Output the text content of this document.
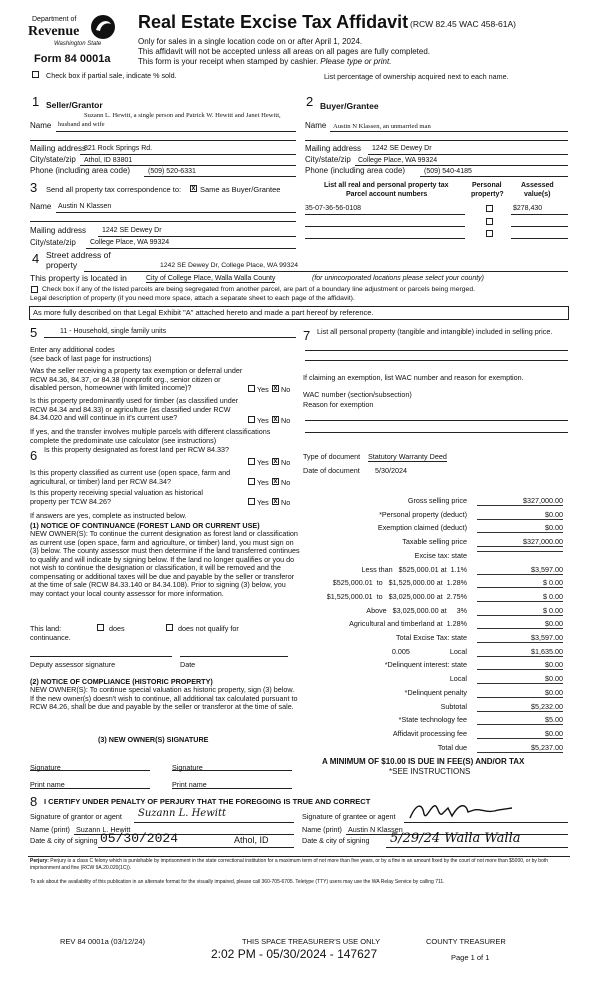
Department of
Revenue
Washington State
Form 84 0001a
Real Estate Excise Tax Affidavit (RCW 82.45 WAC 458-61A)
Only for sales in a single location code on or after April 1, 2024.
This affidavit will not be accepted unless all areas on all pages are fully completed.
This form is your receipt when stamped by cashier. Please type or print.
Check box if partial sale, indicate % sold.	List percentage of ownership acquired next to each name.
1 Seller/Grantor
Suzann L. Hewitt, a single person and Patrick W. Hewitt and Janet Hewitt,
Name husband and wife
Mailing address
821 Rock Springs Rd.
City/state/zip Athol, ID 83801
Phone (including area code)	(509) 520-6331
2 Buyer/Grantee
Name Austin N Klassen, an unmarried man
Mailing address 1242 SE Dewey Dr
City/state/zip College Place, WA 99324
Phone (including area code)	(509) 540-4185
3 Send all property tax correspondence to: x Same as Buyer/Grantee
Name Austin N Klassen
Mailing address 1242 SE Dewey Dr
City/state/zip College Place, WA 99324
List all real and personal property tax
Parcel account numbers
Personal
property?
Assessed
value(s)
35-07-36-56-0108	$278,430
4 Street address of
property	1242 SE Dewey Dr, College Place, WA 99324
This property is located in	City of College Place, Walla Walla County	(for unincorporated locations please select your county)
Check box if any of the listed parcels are being segregated from another parcel, are part of a boundary line adjustment or parcels being merged.
Legal description of property (if you need more space, attach a separate sheet to each page of the affidavit).
As more fully described on that Legal Exhibit "A" attached hereto and made a part hereof by reference.
5	11 - Household, single family units
Enter any additional codes
(see back of last page for instructions)
Was the seller receiving a property tax exemption or deferral under RCW 84.36, 84.37, or 84.38 (nonprofit org., senior citizen or disabled person, homeowner with limited income)?	Yes x No
Is this property predominantly used for timber (as classified under RCW 84.34 and 84.33) or agriculture (as classified under RCW 84.34.020 and will continue in it's current use?	Yes x No
If yes, and the transfer involves multiple parcels with different classifications complete the predominate use calculator (see instructions)
6 Is this property designated as forest land per RCW 84.33?
Yes x No
Is this property classified as current use (open space, farm and agricultural, or timber) land per RCW 84.34?	Yes x No
Is this property receiving special valuation as historical property per TCW 84.26?	Yes x No
If answers are yes, complete as instructed below.
(1) NOTICE OF CONTINUANCE (FOREST LAND OR CURRENT USE)
NEW OWNER(S): To continue the current designation as forest land or classification as current use (open space, farm and agriculture, or timber) land, you must sign on (3) below. The county assessor must then determine if the land transferred continues to qualify and will indicate by signing below. If the land no longer qualifies or you do not wish to continue the designation or classification, it will be removed and the compensating or additional taxes will be due and payable by the seller or transferor at the time of sale (RCW 84.33.140 or 84.34.108). Prior to signing (3) below, you may contact your local county assessor for more information.
This land:	does	does not qualify for
continuance.
Deputy assessor signature	Date
(2) NOTICE OF COMPLIANCE (HISTORIC PROPERTY)
NEW OWNER(S): To continue special valuation as historic property, sign (3) below. If the new owner(s) doesn't wish to continue, all additional tax calculated pursuant to RCW 84.26, shall be due and payable by the seller or transferor at the time of sale.
(3) NEW OWNER(S) SIGNATURE
Signature	Signature
Print name	Print name
7 List all personal property (tangible and intangible) included in selling price.
If claiming an exemption, list WAC number and reason for exemption.
WAC number (section/subsection)
Reason for exemption
Type of document Statutory Warranty Deed
Date of document 5/30/2024
Gross selling price	$327,000.00
*Personal property (deduct)	$0.00
Exemption claimed (deduct)	$0.00
Taxable selling price	$327,000.00
Excise tax: state
Less than   $525,000.01 at  1.1%	$3,597.00
$525,000.01  to   $1,525,000.00 at  1.28%	$ 0.00
$1,525,000.01  to   $3,025,000.00 at  2.75%	$ 0.00
Above   $3,025,000.00 at     3%	$ 0.00
Agricultural and timberland at  1.28%	$0.00
Total Excise Tax: state	$3,597.00
0.005                    Local	$1,635.00
*Delinquent interest: state	$0.00
Local	$0.00
*Delinquent penalty	$0.00
Subtotal	$5,232.00
*State technology fee	$5.00
Affidavit processing fee	$0.00
Total due	$5,237.00
A MINIMUM OF $10.00 IS DUE IN FEE(S) AND/OR TAX
*SEE INSTRUCTIONS
8 I CERTIFY UNDER PENALTY OF PERJURY THAT THE FOREGOING IS TRUE AND CORRECT
Signature of grantor or agent Suzann L. Hewitt
Name (print) Suzann L. Hewitt
Date & city of signing 05/30/2024	Athol, ID
Signature of grantee or agent
Name (print) Austin N Klassen
Date & city of signing 5/29/24 Walla Walla
Perjury: Perjury is a class C felony which is punishable by imprisonment in the state correctional institution for a maximum term of not more than five years, or by a fine in an amount fixed by the court of not more than $5000, or by both imprisonment and fine (RCW 9A.20.020(1C)).
To ask about the availability of this publication in an alternate format for the visually impaired, please call 360-705-6705. Teletype (TTY) users may use the WA Relay Service by calling 711.
REV 84 0001a (03/12/24)	THIS SPACE TREASURER'S USE ONLY	COUNTY TREASURER
2:02 PM - 05/30/2024 - 147627	Page 1 of 1
